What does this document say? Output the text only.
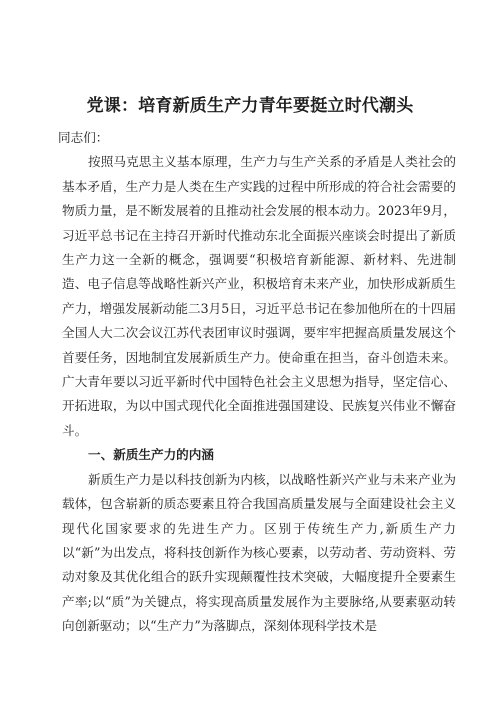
党课：培育新质生产力青年要挺立时代潮头

同志们：

按照马克思主义基本原理，生产力与生产关系的矛盾是人类社会的基本矛盾，生产力是人类在生产实践的过程中所形成的符合社会需要的物质力量，是不断发展着的且推动社会发展的根本动力。2023年9月，习近平总书记在主持召开新时代推动东北全面振兴座谈会时提出了新质生产力这一全新的概念，强调要“积极培育新能源、新材料、先进制造、电子信息等战略性新兴产业，积极培育未来产业，加快形成新质生产力，增强发展新动能二3月5日，习近平总书记在参加他所在的十四届全国人大二次会议江苏代表团审议时强调，要牢牢把握高质量发展这个首要任务，因地制宜发展新质生产力。使命重在担当，奋斗创造未来。广大青年要以习近平新时代中国特色社会主义思想为指导，坚定信心、开拓进取，为以中国式现代化全面推进强国建设、民族复兴伟业不懈奋斗。

一、新质生产力的内涵

新质生产力是以科技创新为内核，以战略性新兴产业与未来产业为载体，包含崭新的质态要素且符合我国高质量发展与全面建设社会主义现代化国家要求的先进生产力。区别于传统生产力,新质生产力以“新”为出发点，将科技创新作为核心要素，以劳动者、劳动资料、劳动对象及其优化组合的跃升实现颠覆性技术突破，大幅度提升全要素生产率;以“质”为关键点，将实现高质量发展作为主要脉络,从要素驱动转向创新驱动；以“生产力”为落脚点，深刻体现科学技术是
